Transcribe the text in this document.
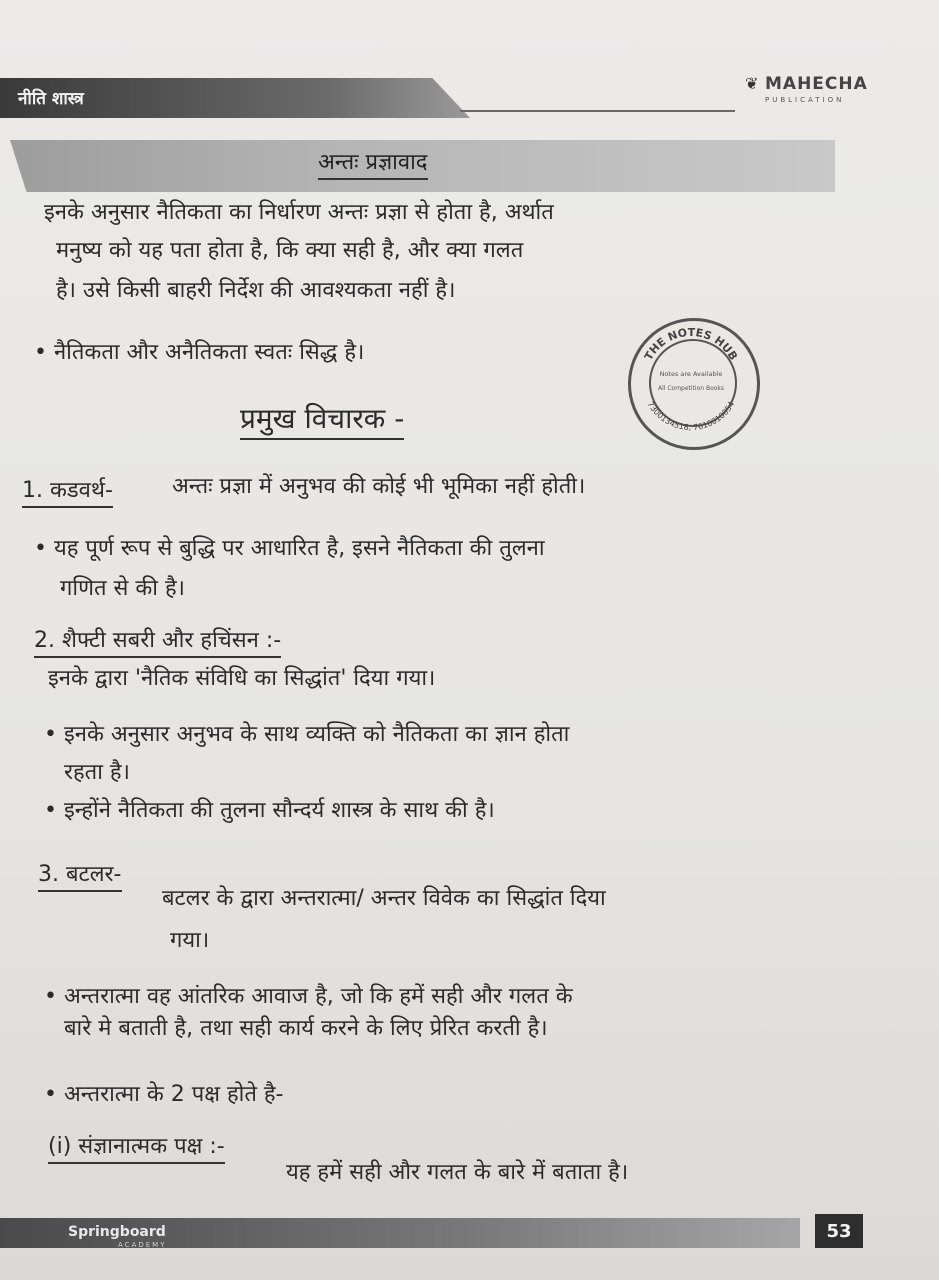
नीति शास्त्र
❦ MAHECHA
PUBLICATION
अन्तः प्रज्ञावाद
इनके अनुसार नैतिकता का निर्धारण अन्तः प्रज्ञा से होता है, अर्थात
मनुष्य को यह पता होता है, कि क्या सही है, और क्या गलत
है। उसे किसी बाहरी निर्देश की आवश्यकता नहीं है।
• नैतिकता और अनैतिकता स्वतः सिद्ध है।	THE NOTES HUB
7300134518, 7610010054
Notes are Available
All Competition Books
प्रमुख विचारक -
1. कडवर्थ-	अन्तः प्रज्ञा में अनुभव की कोई भी भूमिका नहीं होती।
• यह पूर्ण रूप से बुद्धि पर आधारित है, इसने नैतिकता की तुलना
गणित से की है।
2. शैफ्टी सबरी और हचिंसन :-
इनके द्वारा 'नैतिक संविधि का सिद्धांत' दिया गया।
• इनके अनुसार अनुभव के साथ व्यक्ति को नैतिकता का ज्ञान होता
रहता है।
• इन्होंने नैतिकता की तुलना सौन्दर्य शास्त्र के साथ की है।
3. बटलर-
बटलर के द्वारा अन्तरात्मा/ अन्तर विवेक का सिद्धांत दिया
गया।
• अन्तरात्मा वह आंतरिक आवाज है, जो कि हमें सही और गलत के
बारे मे बताती है, तथा सही कार्य करने के लिए प्रेरित करती है।
• अन्तरात्मा के 2 पक्ष होते है-
(i) संज्ञानात्मक पक्ष :-
यह हमें सही और गलत के बारे में बताता है।
Springboard
ACADEMY
53
